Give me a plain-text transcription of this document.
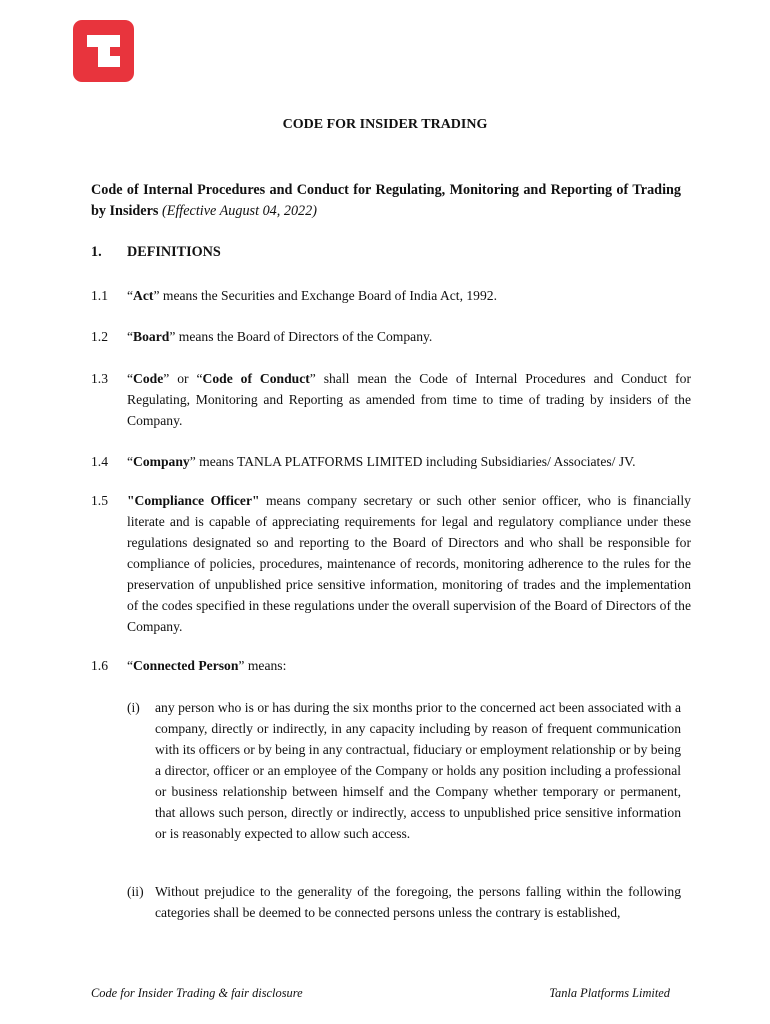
CODE FOR INSIDER TRADING
Code of Internal Procedures and Conduct for Regulating, Monitoring and Reporting of Trading by Insiders (Effective August 04, 2022)
1. DEFINITIONS
1.1 “Act” means the Securities and Exchange Board of India Act, 1992.
1.2 “Board” means the Board of Directors of the Company.
1.3 “Code” or “Code of Conduct” shall mean the Code of Internal Procedures and Conduct for Regulating, Monitoring and Reporting as amended from time to time of trading by insiders of the Company.
1.4 “Company” means TANLA PLATFORMS LIMITED including Subsidiaries/ Associates/ JV.
1.5 "Compliance Officer" means company secretary or such other senior officer, who is financially literate and is capable of appreciating requirements for legal and regulatory compliance under these regulations designated so and reporting to the Board of Directors and who shall be responsible for compliance of policies, procedures, maintenance of records, monitoring adherence to the rules for the preservation of unpublished price sensitive information, monitoring of trades and the implementation of the codes specified in these regulations under the overall supervision of the Board of Directors of the Company.
1.6 “Connected Person” means:
(i) any person who is or has during the six months prior to the concerned act been associated with a company, directly or indirectly, in any capacity including by reason of frequent communication with its officers or by being in any contractual, fiduciary or employment relationship or by being a director, officer or an employee of the Company or holds any position including a professional or business relationship between himself and the Company whether temporary or permanent, that allows such person, directly or indirectly, access to unpublished price sensitive information or is reasonably expected to allow such access.
(ii) Without prejudice to the generality of the foregoing, the persons falling within the following categories shall be deemed to be connected persons unless the contrary is established,
Code for Insider Trading & fair disclosure	Tanla Platforms Limited
